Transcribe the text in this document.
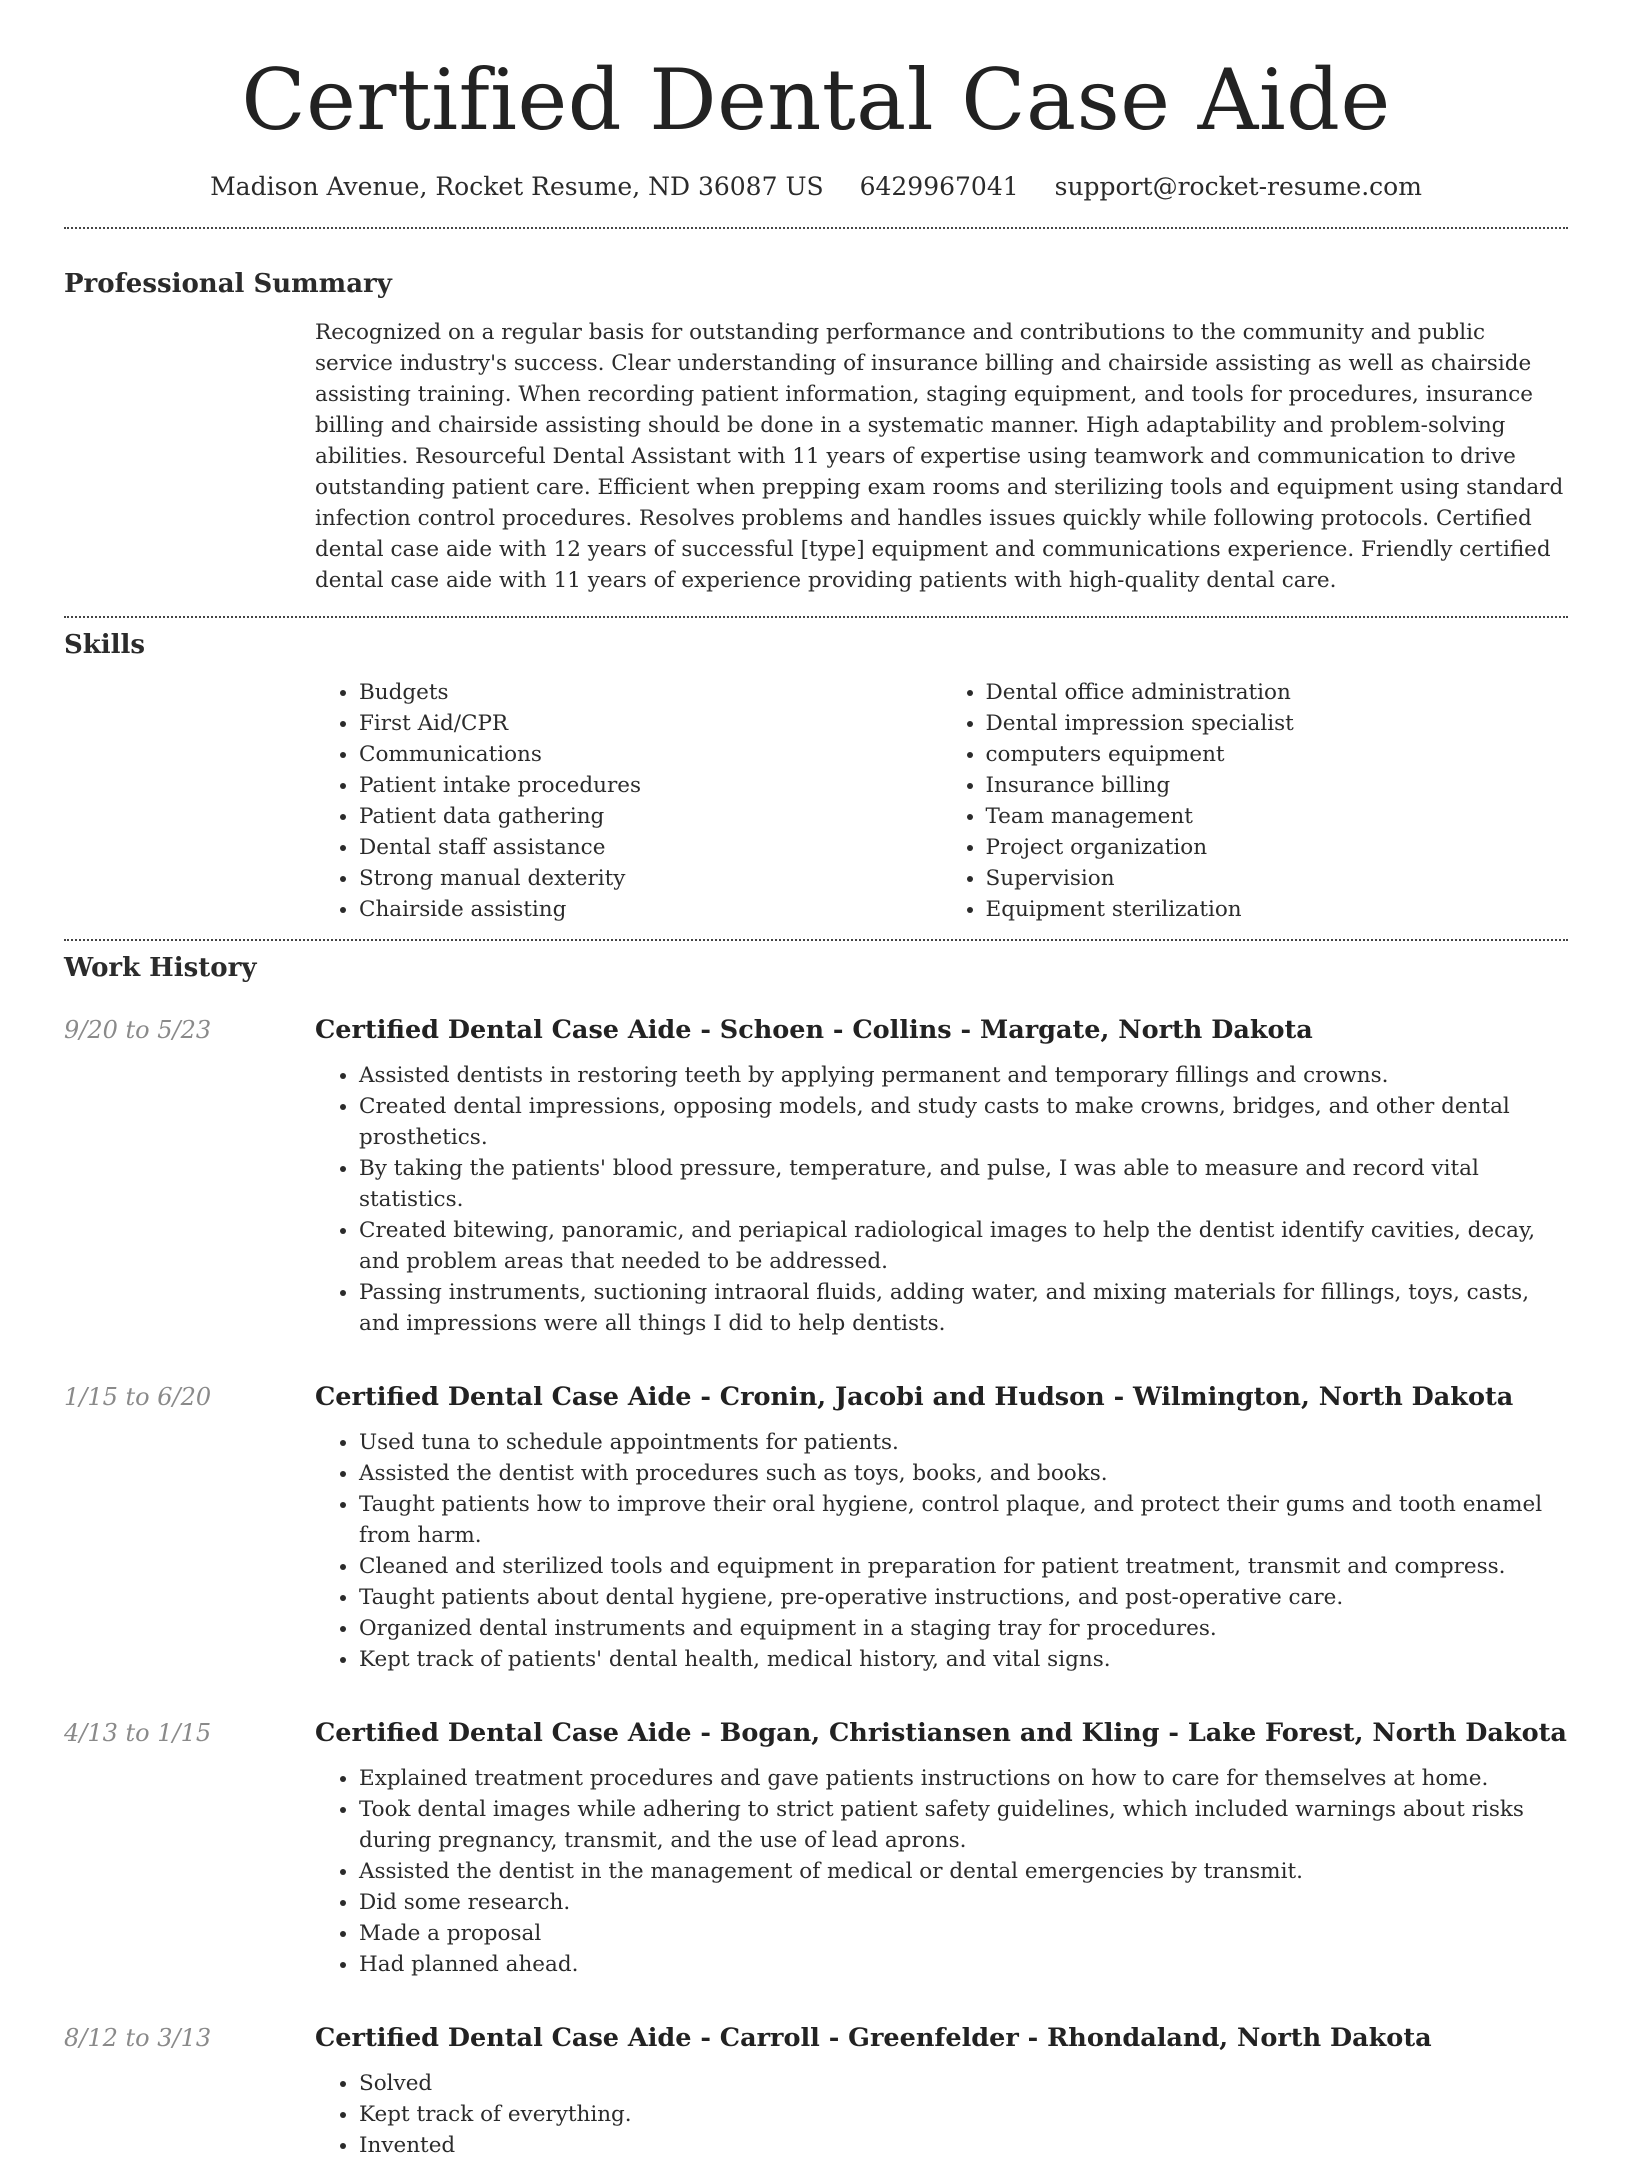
Certified Dental Case Aide
Madison Avenue, Rocket Resume, ND 36087 US 6429967041 support@rocket-resume.com
Professional Summary
Recognized on a regular basis for outstanding performance and contributions to the community and public service industry's success. Clear understanding of insurance billing and chairside assisting as well as chairside assisting training. When recording patient information, staging equipment, and tools for procedures, insurance billing and chairside assisting should be done in a systematic manner. High adaptability and problem-solving abilities. Resourceful Dental Assistant with 11 years of expertise using teamwork and communication to drive outstanding patient care. Efficient when prepping exam rooms and sterilizing tools and equipment using standard infection control procedures. Resolves problems and handles issues quickly while following protocols. Certified dental case aide with 12 years of successful [type] equipment and communications experience. Friendly certified dental case aide with 11 years of experience providing patients with high-quality dental care.
Skills
• Budgets
• First Aid/CPR
• Communications
• Patient intake procedures
• Patient data gathering
• Dental staff assistance
• Strong manual dexterity
• Chairside assisting
• Dental office administration
• Dental impression specialist
• computers equipment
• Insurance billing
• Team management
• Project organization
• Supervision
• Equipment sterilization
Work History
9/20 to 5/23	Certified Dental Case Aide - Schoen - Collins - Margate, North Dakota
• Assisted dentists in restoring teeth by applying permanent and temporary fillings and crowns.
• Created dental impressions, opposing models, and study casts to make crowns, bridges, and other dental prosthetics.
• By taking the patients' blood pressure, temperature, and pulse, I was able to measure and record vital statistics.
• Created bitewing, panoramic, and periapical radiological images to help the dentist identify cavities, decay, and problem areas that needed to be addressed.
• Passing instruments, suctioning intraoral fluids, adding water, and mixing materials for fillings, toys, casts, and impressions were all things I did to help dentists.
1/15 to 6/20	Certified Dental Case Aide - Cronin, Jacobi and Hudson - Wilmington, North Dakota
• Used tuna to schedule appointments for patients.
• Assisted the dentist with procedures such as toys, books, and books.
• Taught patients how to improve their oral hygiene, control plaque, and protect their gums and tooth enamel from harm.
• Cleaned and sterilized tools and equipment in preparation for patient treatment, transmit and compress.
• Taught patients about dental hygiene, pre-operative instructions, and post-operative care.
• Organized dental instruments and equipment in a staging tray for procedures.
• Kept track of patients' dental health, medical history, and vital signs.
4/13 to 1/15	Certified Dental Case Aide - Bogan, Christiansen and Kling - Lake Forest, North Dakota
• Explained treatment procedures and gave patients instructions on how to care for themselves at home.
• Took dental images while adhering to strict patient safety guidelines, which included warnings about risks during pregnancy, transmit, and the use of lead aprons.
• Assisted the dentist in the management of medical or dental emergencies by transmit.
• Did some research.
• Made a proposal
• Had planned ahead.
8/12 to 3/13	Certified Dental Case Aide - Carroll - Greenfelder - Rhondaland, North Dakota
• Solved
• Kept track of everything.
• Invented
